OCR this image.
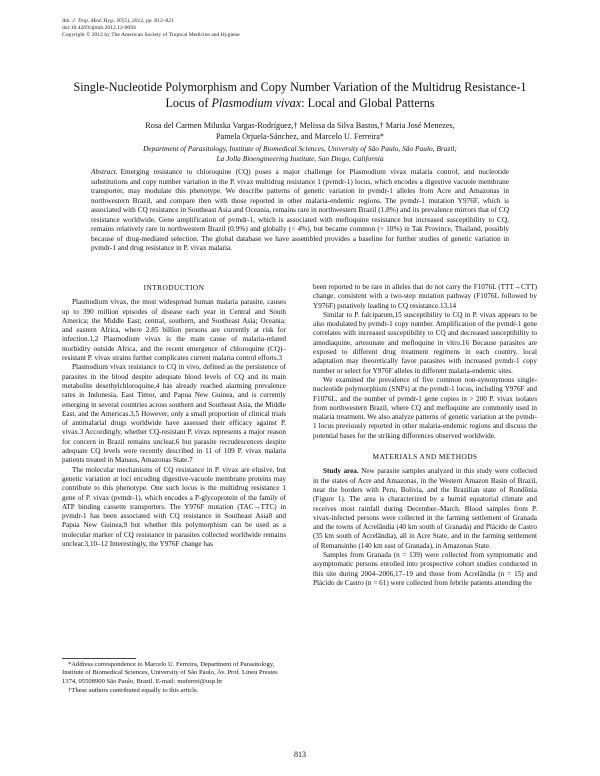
Am. J. Trop. Med. Hyg., 87(5), 2012, pp. 813–821
doi:10.4269/ajtmh.2012.12-0094
Copyright © 2012 by The American Society of Tropical Medicine and Hygiene
Single-Nucleotide Polymorphism and Copy Number Variation of the Multidrug Resistance-1
Locus of Plasmodium vivax: Local and Global Patterns
Rosa del Carmen Miluska Vargas-Rodríguez,† Melissa da Silva Bastos,† Maria José Menezes,
Pamela Orjuela-Sánchez, and Marcelo U. Ferreira*
Department of Parasitology, Institute of Biomedical Sciences, University of São Paulo, São Paulo, Brazil;
La Jolla Bioengineering Institute, San Diego, California
Abstract. Emerging resistance to chloroquine (CQ) poses a major challenge for Plasmodium vivax malaria control, and nucleotide substitutions and copy number variation in the P. vivax multidrug resistance 1 (pvmdr-1) locus, which encodes a digestive vacuole membrane transporter, may modulate this phenotype. We describe patterns of genetic variation in pvmdr-1 alleles from Acre and Amazonas in northwestern Brazil, and compare then with those reported in other malaria-endemic regions. The pvmdr-1 mutation Y976F, which is associated with CQ resistance in Southeast Asia and Oceania, remains rare in northwestern Brazil (1.8%) and its prevalence mirrors that of CQ resistance worldwide. Gene amplification of pvmdr-1, which is associated with mefloquine resistance but increased susceptibility to CQ, remains relatively rare in northwestern Brazil (0.9%) and globally (< 4%), but became common (> 10%) in Tak Province, Thailand, possibly because of drug-mediated selection. The global database we have assembled provides a baseline for further studies of genetic variation in pvmdr-1 and drug resistance in P. vivax malaria.
INTRODUCTION

Plasmodium vivax, the most widespread human malaria parasite, causes up to 390 million episodes of disease each year in Central and South America; the Middle East; central, southern, and Southeast Asia; Oceania; and eastern Africa, where 2.85 billion persons are currently at risk for infection.1,2 Plasmodium vivax is the main cause of malaria-related morbidity outside Africa, and the recent emergence of chloroquine (CQ)–resistant P. vivax strains further complicates current malaria control efforts.3

Plasmodium vivax resistance to CQ in vivo, defined as the persistence of parasites in the blood despite adequate blood levels of CQ and its main metabolite desethylchloroquine,4 has already reached alarming prevalence rates in Indonesia, East Timor, and Papua New Guinea, and is currently emerging in several countries across southern and Southeast Asia, the Middle East, and the Americas.3,5 However, only a small proportion of clinical trials of antimalarial drugs worldwide have assessed their efficacy against P. vivax.3 Accordingly, whether CQ-resistant P. vivax represents a major reason for concern in Brazil remains unclear,6 but parasite recrudescences despite adequate CQ levels were recently described in 11 of 109 P. vivax malaria patients treated in Manaus, Amazonas State.7

The molecular mechanisms of CQ resistance in P. vivax are elusive, but genetic variation at loci encoding digestive-vacuole membrane proteins may contribute to this phenotype. One such locus is the multidrug resistance 1 gene of P. vivax (pvmdr-1), which encodes a P-glycoprotein of the family of ATP binding cassette transporters. The Y976F mutation (TAC→TTC) in pvmdr-1 has been associated with CQ resistance in Southeast Asia8 and Papua New Guinea,9 but whether this polymorphism can be used as a molecular marker of CQ resistance in parasites collected worldwide remains unclear.3,10–12 Interestingly, the Y976F change has

been reported to be rare in alleles that do not carry the F1076L (TTT→CTT) change, consistent with a two-step mutation pathway (F1076L followed by Y976F) putatively leading to CQ resistance.13,14

Similar to P. falciparum,15 susceptibility to CQ in P. vivax appears to be also modulated by pvmdr-1 copy number. Amplification of the pvmdr-1 gene correlates with increased susceptibility to CQ and decreased susceptibility to amodiaquine, artesunate and mefloquine in vitro.16 Because parasites are exposed to different drug treatment regimens in each country, local adaptation may theoretically favor parasites with increased pvmdr-1 copy number or select for Y976F alleles in different malaria-endemic sites.

We examined the prevalence of five common non-synonymous single-nucleotide polymorphism (SNPs) at the pvmdr-1 locus, including Y976F and F1076L, and the number of pvmdr-1 gene copies in > 200 P. vivax isolates from northwestern Brazil, where CQ and mefloquine are commonly used in malaria treatment. We also analyze patterns of genetic variation at the pvmdr-1 locus previously reported in other malaria-endemic regions and discuss the potential bases for the striking differences observed worldwide.

MATERIALS AND METHODS

Study area. New parasite samples analyzed in this study were collected in the states of Acre and Amazonas, in the Western Amazon Basin of Brazil, near the borders with Peru, Bolivia, and the Brazilian state of Rondônia (Figure 1). The area is characterized by a humid equatorial climate and receives most rainfall during December–March. Blood samples from P. vivax-infected persons were collected in the farming settlement of Granada and the towns of Acrelândia (40 km south of Granada) and Plácido de Castro (35 km south of Acrelândia), all in Acre State, and in the farming settlement of Remansinho (140 km east of Granada), in Amazonas State.

Samples from Granada (n = 139) were collected from symptomatic and asymptomatic persons enrolled into prospective cohort studies conducted in this site during 2004–2006,17–19 and those from Acrelândia (n = 15) and Plácido de Castro (n = 61) were collected from febrile patients attending the

*Address correspondence to Marcelo U. Ferreira, Department of Parasitology, Institute of Biomedical Sciences, University of São Paulo, Av. Prof. Lineu Prestes 1374, 05508900 São Paulo, Brazil. E-mail: muferrei@usp.br

†These authors contributed equally to this article.

813
